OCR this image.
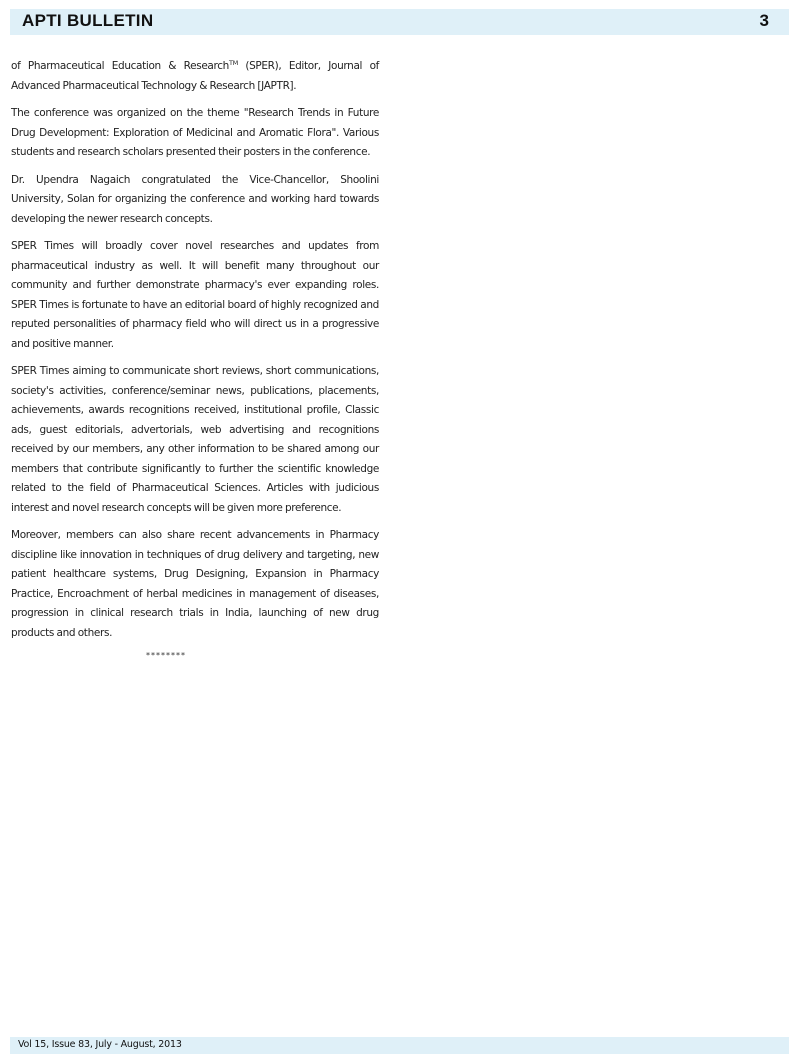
APTI BULLETIN	3

of Pharmaceutical Education & Research™ (SPER), Editor, Journal of Advanced Pharmaceutical Technology & Research [JAPTR].

The conference was organized on the theme "Research Trends in Future Drug Development: Exploration of Medicinal and Aromatic Flora". Various students and research scholars presented their posters in the conference.

Dr. Upendra Nagaich congratulated the Vice-Chancellor, Shoolini University, Solan for organizing the conference and working hard towards developing the newer research concepts.

SPER Times will broadly cover novel researches and updates from pharmaceutical industry as well. It will benefit many throughout our community and further demonstrate pharmacy's ever expanding roles. SPER Times is fortunate to have an editorial board of highly recognized and reputed personalities of pharmacy field who will direct us in a progressive and positive manner.

SPER Times aiming to communicate short reviews, short communications, society's activities, conference/seminar news, publications, placements, achievements, awards recognitions received, institutional profile, Classic ads, guest editorials, advertorials, web advertising and recognitions received by our members, any other information to be shared among our members that contribute significantly to further the scientific knowledge related to the field of Pharmaceutical Sciences. Articles with judicious interest and novel research concepts will be given more preference.

Moreover, members can also share recent advancements in Pharmacy discipline like innovation in techniques of drug delivery and targeting, new patient healthcare systems, Drug Designing, Expansion in Pharmacy Practice, Encroachment of herbal medicines in management of diseases, progression in clinical research trials in India, launching of new drug products and others.

********
Vol 15, Issue 83, July - August, 2013
